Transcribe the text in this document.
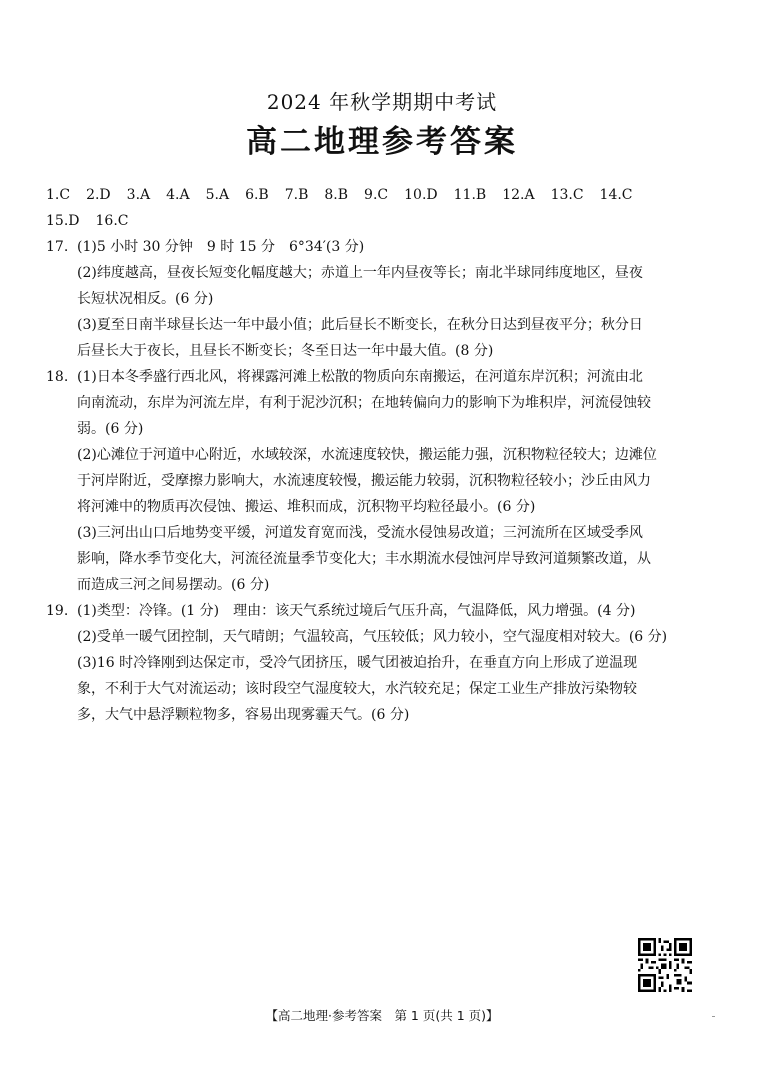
2024 年秋学期期中考试
高二地理参考答案
1.C 2.D 3.A 4.A 5.A 6.B 7.B 8.B 9.C 10.D 11.B 12.A 13.C 14.C
15.D 16.C
17. (1)5 小时 30 分钟 9 时 15 分 6°34′(3 分)
(2)纬度越高，昼夜长短变化幅度越大；赤道上一年内昼夜等长；南北半球同纬度地区，昼夜
长短状况相反。(6 分)
(3)夏至日南半球昼长达一年中最小值；此后昼长不断变长，在秋分日达到昼夜平分；秋分日
后昼长大于夜长，且昼长不断变长；冬至日达一年中最大值。(8 分)
18. (1)日本冬季盛行西北风，将裸露河滩上松散的物质向东南搬运，在河道东岸沉积；河流由北
向南流动，东岸为河流左岸，有利于泥沙沉积；在地转偏向力的影响下为堆积岸，河流侵蚀较
弱。(6 分)
(2)心滩位于河道中心附近，水域较深，水流速度较快，搬运能力强，沉积物粒径较大；边滩位
于河岸附近，受摩擦力影响大，水流速度较慢，搬运能力较弱，沉积物粒径较小；沙丘由风力
将河滩中的物质再次侵蚀、搬运、堆积而成，沉积物平均粒径最小。(6 分)
(3)三河出山口后地势变平缓，河道发育宽而浅，受流水侵蚀易改道；三河流所在区域受季风
影响，降水季节变化大，河流径流量季节变化大；丰水期流水侵蚀河岸导致河道频繁改道，从
而造成三河之间易摆动。(6 分)
19. (1)类型：冷锋。(1 分) 理由：该天气系统过境后气压升高，气温降低，风力增强。(4 分)
(2)受单一暖气团控制，天气晴朗；气温较高，气压较低；风力较小，空气湿度相对较大。(6 分)
(3)16 时冷锋刚到达保定市，受冷气团挤压，暖气团被迫抬升，在垂直方向上形成了逆温现
象，不利于大气对流运动；该时段空气湿度较大，水汽较充足；保定工业生产排放污染物较
多，大气中悬浮颗粒物多，容易出现雾霾天气。(6 分)
【高二地理·参考答案　第 1 页(共 1 页)】
